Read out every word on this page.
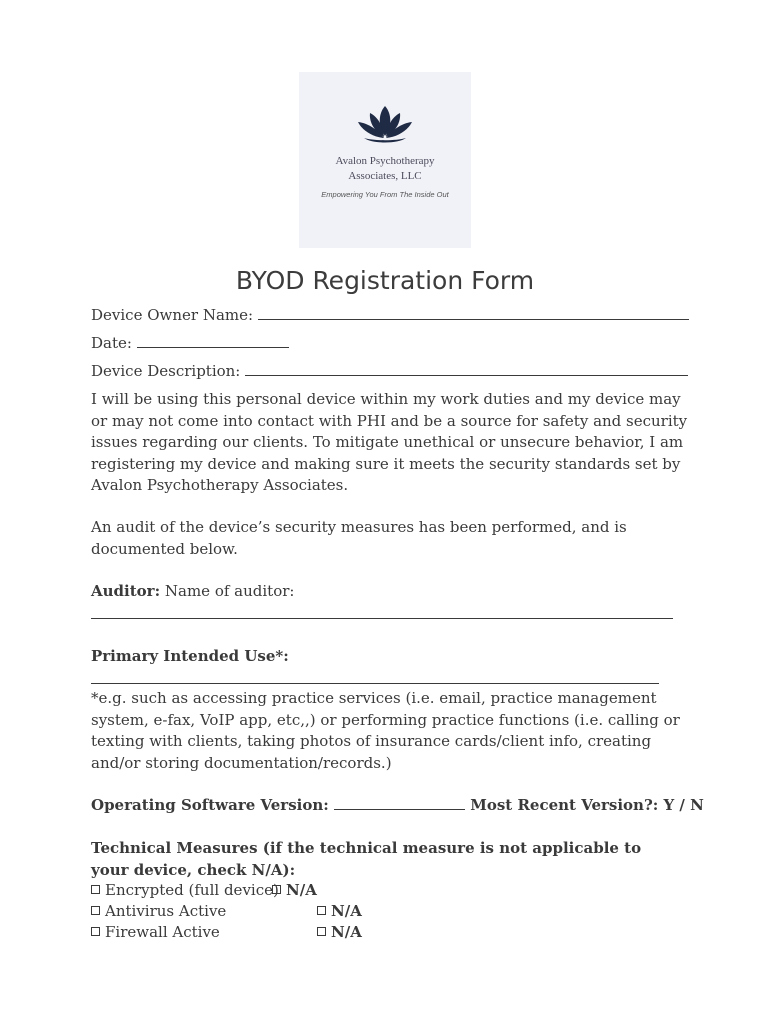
Avalon Psychotherapy
Associates, LLC
Empowering You From The Inside Out
BYOD Registration Form
Device Owner Name:
Date:
Device Description:
I will be using this personal device within my work duties and my device may or may not come into contact with PHI and be a source for safety and security issues regarding our clients. To mitigate unethical or unsecure behavior, I am registering my device and making sure it meets the security standards set by Avalon Psychotherapy Associates.
An audit of the device’s security measures has been performed, and is documented below.
Auditor: Name of auditor:
Primary Intended Use*:
*e.g. such as accessing practice services (i.e. email, practice management system, e-fax, VoIP app, etc,,) or performing practice functions (i.e. calling or texting with clients, taking photos of insurance cards/client info, creating and/or storing documentation/records.)
Operating Software Version:	Most Recent Version?: Y / N
Technical Measures (if the technical measure is not applicable to your device, check N/A):
Encrypted (full device) N/A
Antivirus Active	N/A
Firewall Active	N/A
